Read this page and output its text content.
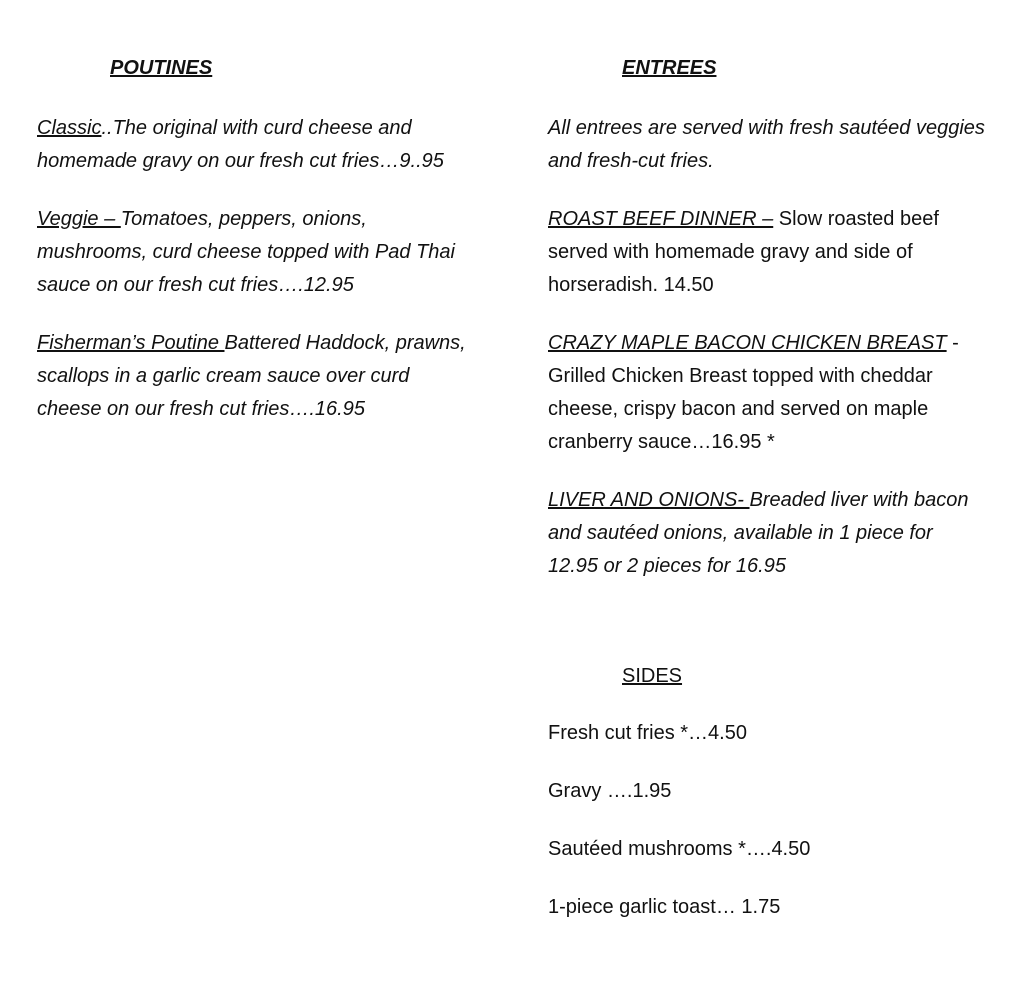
POUTINES

Classic..The original with curd cheese and homemade gravy on our fresh cut fries…9..95

Veggie – Tomatoes, peppers, onions, mushrooms, curd cheese topped with Pad Thai sauce on our fresh cut fries….12.95

Fisherman’s Poutine Battered Haddock, prawns, scallops in a garlic cream sauce over curd cheese on our fresh cut fries….16.95

ENTREES

All entrees are served with fresh sautéed veggies and fresh-cut fries.

ROAST BEEF DINNER – Slow roasted beef served with homemade gravy and side of horseradish. 14.50

CRAZY MAPLE BACON CHICKEN BREAST - Grilled Chicken Breast topped with cheddar cheese, crispy bacon and served on maple cranberry sauce…16.95 *

LIVER AND ONIONS- Breaded liver with bacon and sautéed onions, available in 1 piece for 12.95 or 2 pieces for 16.95

SIDES

Fresh cut fries *…4.50

Gravy ….1.95

Sautéed mushrooms *….4.50

1-piece garlic toast… 1.75
